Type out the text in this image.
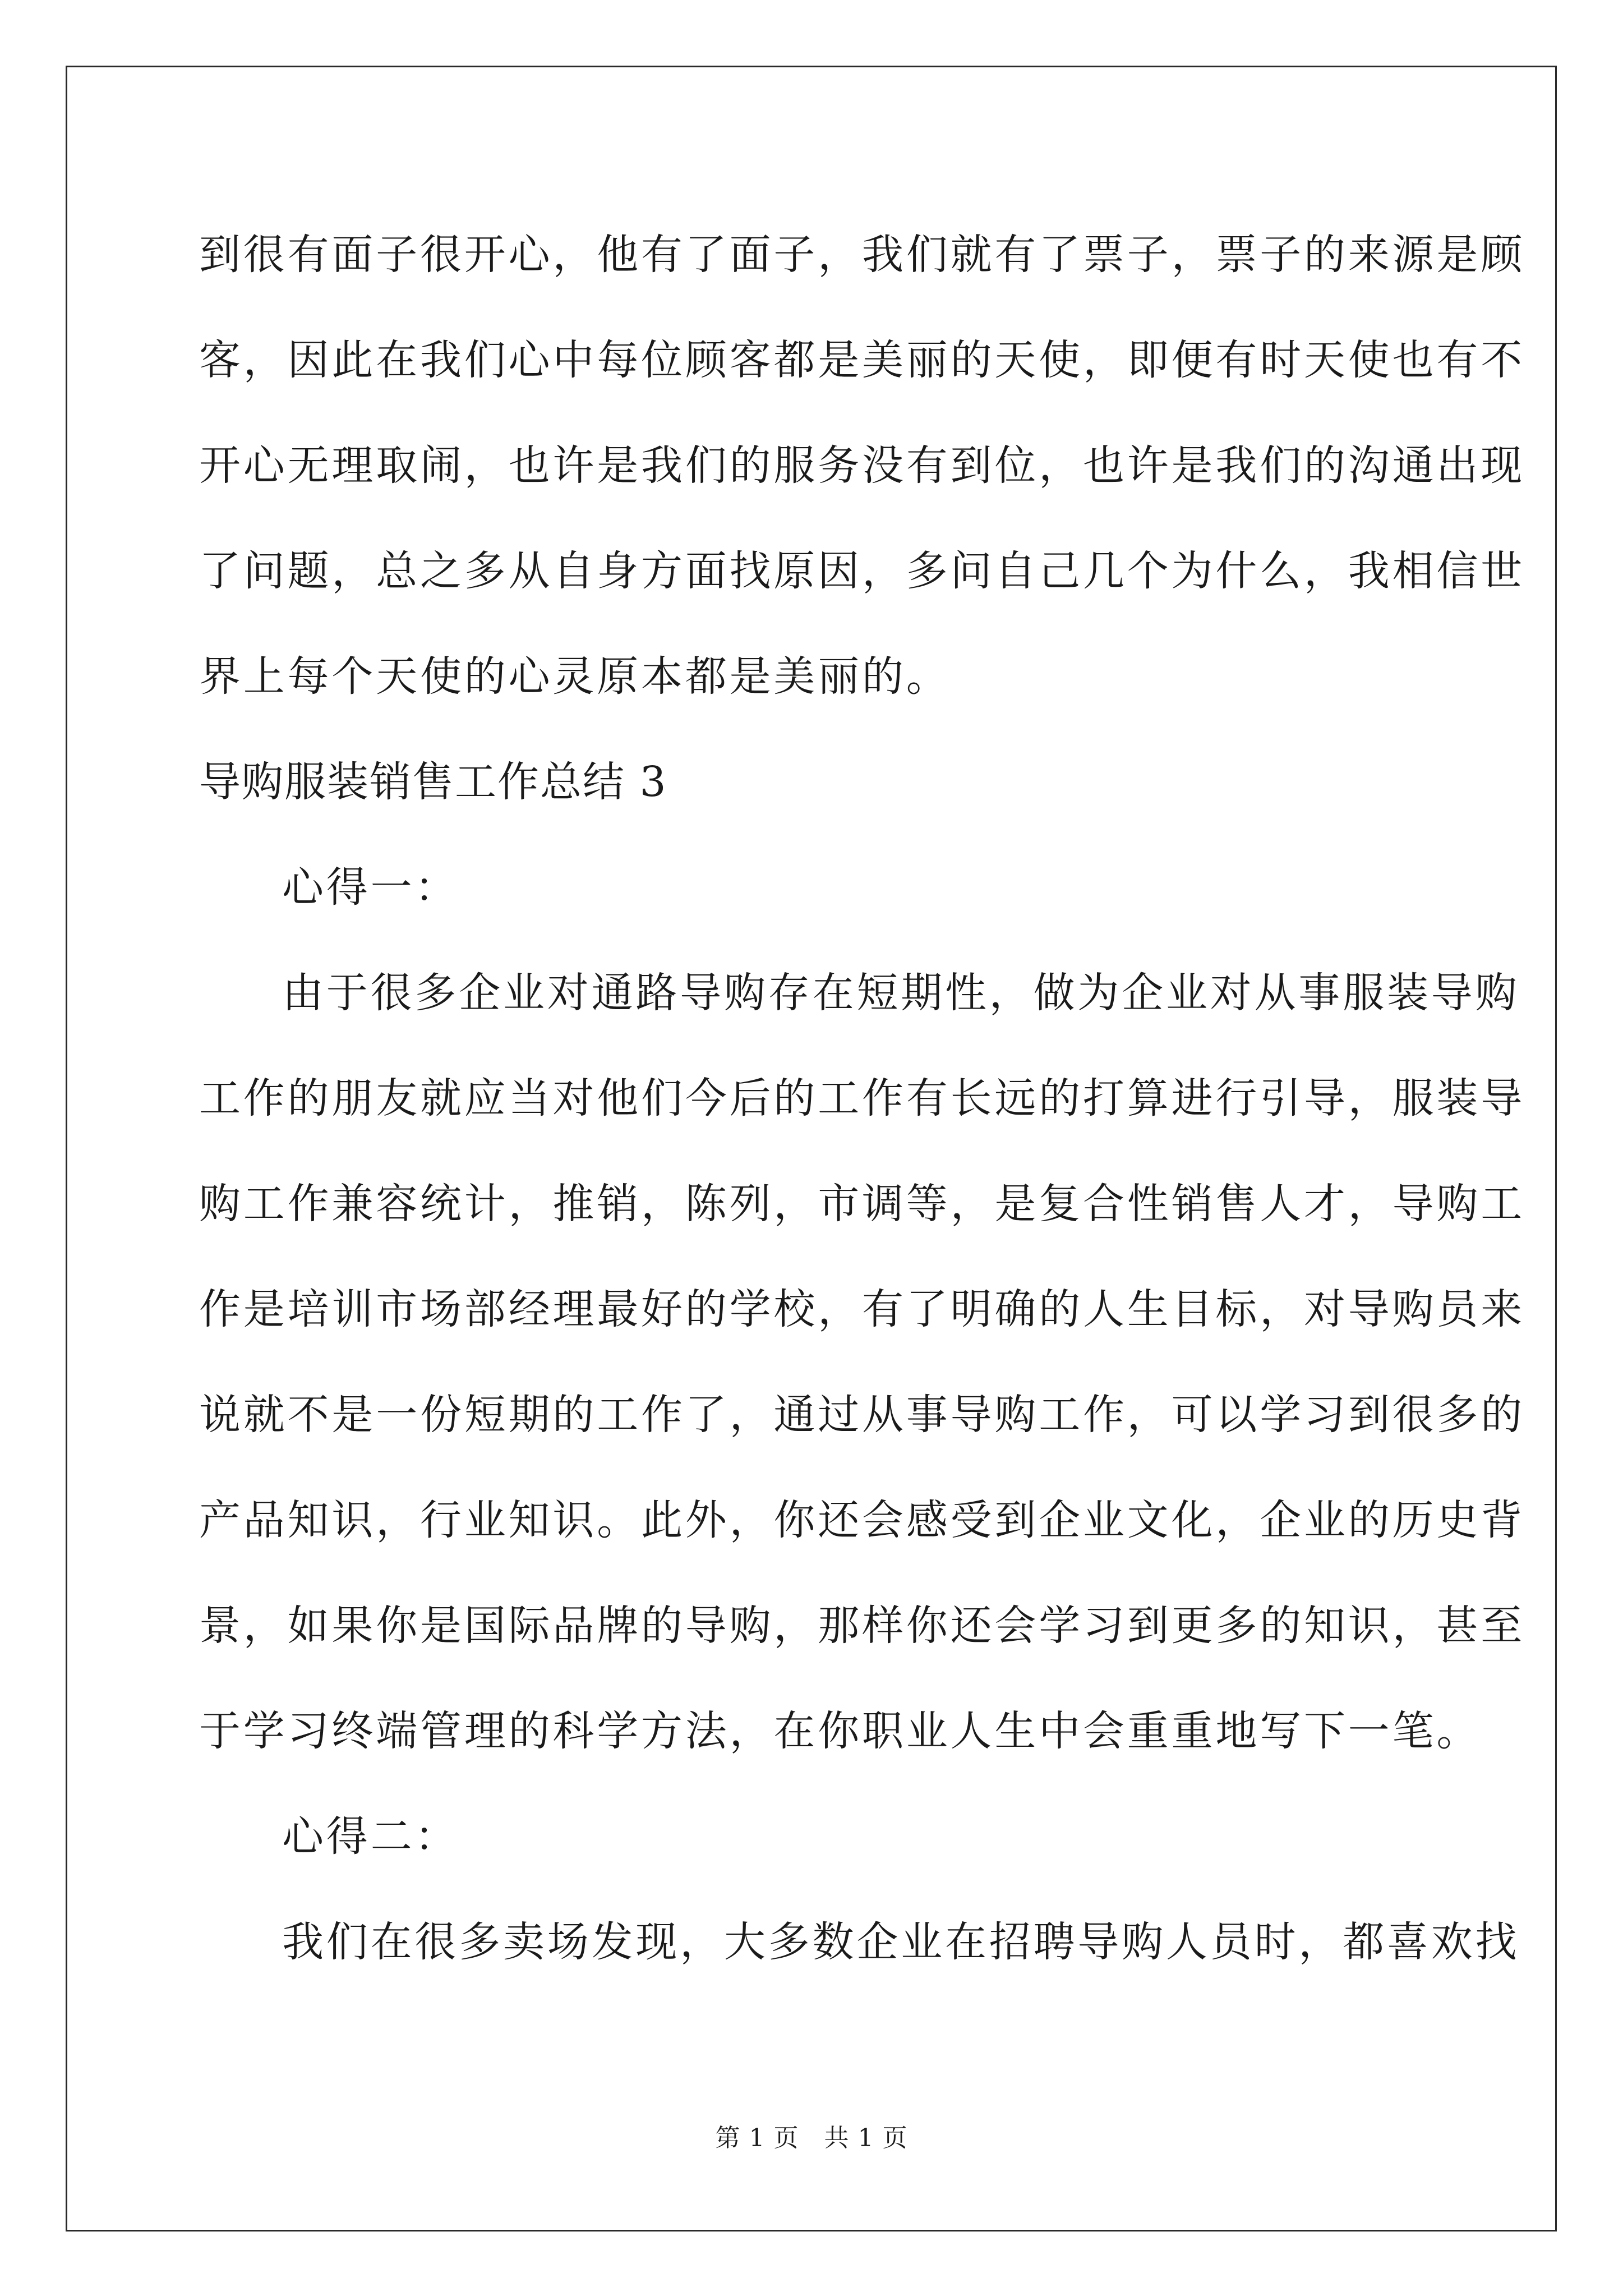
到很有面子很开心，他有了面子，我们就有了票子，票子的来源是顾
客，因此在我们心中每位顾客都是美丽的天使，即便有时天使也有不
开心无理取闹，也许是我们的服务没有到位，也许是我们的沟通出现
了问题，总之多从自身方面找原因，多问自己几个为什么，我相信世
界上每个天使的心灵原本都是美丽的。
导购服装销售工作总结 3
心得一：
由于很多企业对通路导购存在短期性，做为企业对从事服装导购
工作的朋友就应当对他们今后的工作有长远的打算进行引导，服装导
购工作兼容统计，推销，陈列，市调等，是复合性销售人才，导购工
作是培训市场部经理最好的学校，有了明确的人生目标，对导购员来
说就不是一份短期的工作了，通过从事导购工作，可以学习到很多的
产品知识，行业知识。此外，你还会感受到企业文化，企业的历史背
景，如果你是国际品牌的导购，那样你还会学习到更多的知识，甚至
于学习终端管理的科学方法，在你职业人生中会重重地写下一笔。
心得二：
我们在很多卖场发现，大多数企业在招聘导购人员时，都喜欢找
第 1 页　共 1 页
